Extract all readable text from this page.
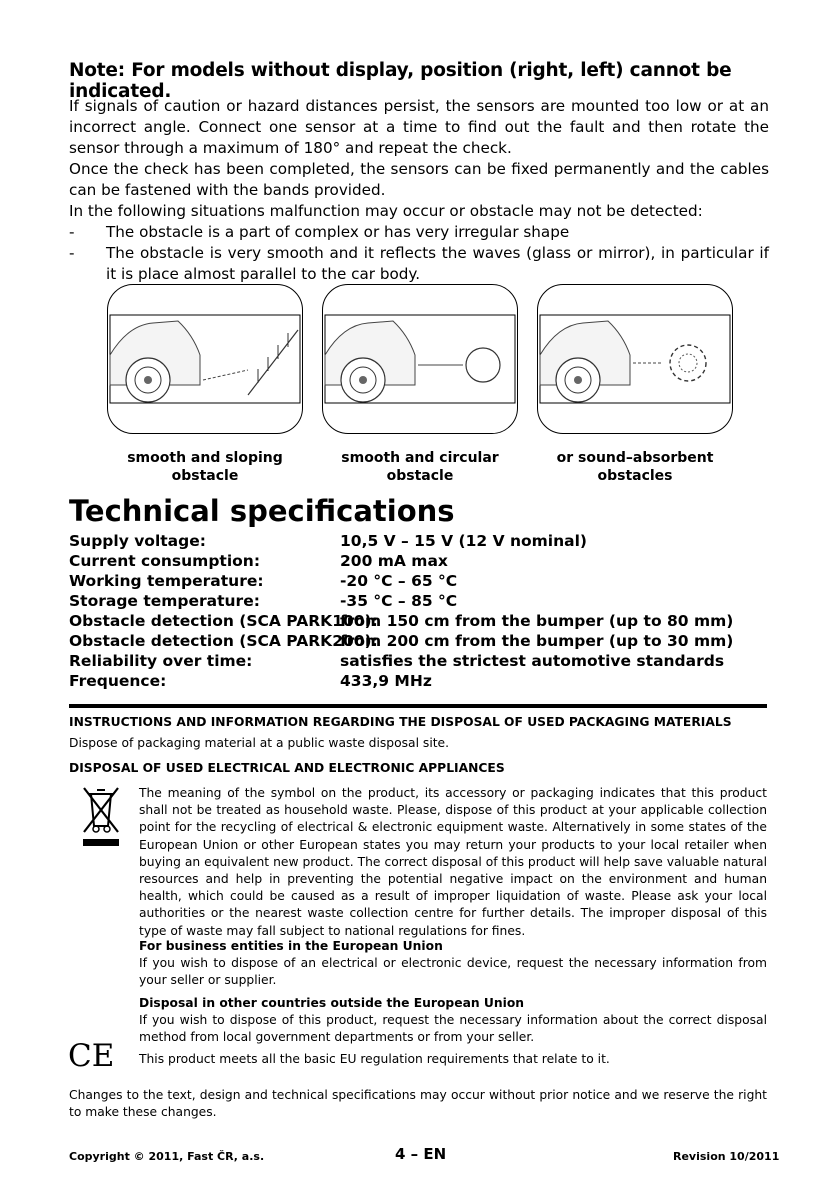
Note: For models without display, position (right, left) cannot be indicated.
If signals of caution or hazard distances persist, the sensors are mounted too low or at an incorrect angle. Connect one sensor at a time to find out the fault and then rotate the sensor through a maximum of 180° and repeat the check.
Once the check has been completed, the sensors can be fixed permanently and the cables can be fastened with the bands provided.
In the following situations malfunction may occur or obstacle may not be detected:
- The obstacle is a part of complex or has very irregular shape
- The obstacle is very smooth and it reflects the waves (glass or mirror), in particular if it is place almost parallel to the car body.
smooth and sloping
obstacle
smooth and circular
obstacle
or sound–absorbent
obstacles
Technical specifications
Supply voltage:	10,5 V – 15 V (12 V nominal)
Current consumption:	200 mA max
Working temperature:	-20 °C – 65 °C
Storage temperature:	-35 °C – 85 °C
Obstacle detection (SCA PARK100):
from 150 cm from the bumper (up to 80 mm)
Obstacle detection (SCA PARK200):
from 200 cm from the bumper (up to 30 mm)
Reliability over time:	satisfies the strictest automotive standards
Frequence:	433,9 MHz
INSTRUCTIONS AND INFORMATION REGARDING THE DISPOSAL OF USED PACKAGING MATERIALS
Dispose of packaging material at a public waste disposal site.
DISPOSAL OF USED ELECTRICAL AND ELECTRONIC APPLIANCES
The meaning of the symbol on the product, its accessory or packaging indicates that this product shall not be treated as household waste. Please, dispose of this product at your applicable collection point for the recycling of electrical & electronic equipment waste. Alternatively in some states of the European Union or other European states you may return your products to your local retailer when buying an equivalent new product. The correct disposal of this product will help save valuable natural resources and help in preventing the potential negative impact on the environment and human health, which could be caused as a result of improper liquidation of waste. Please ask your local authorities or the nearest waste collection centre for further details. The improper disposal of this type of waste may fall subject to national regulations for fines.
For business entities in the European Union
If you wish to dispose of an electrical or electronic device, request the necessary information from your seller or supplier.
Disposal in other countries outside the European Union
If you wish to dispose of this product, request the necessary information about the correct disposal method from local government departments or from your seller.
CE This product meets all the basic EU regulation requirements that relate to it.
Changes to the text, design and technical specifications may occur without prior notice and we reserve the right to make these changes.
Copyright © 2011, Fast ČR, a.s.	4 – EN	Revision 10/2011
